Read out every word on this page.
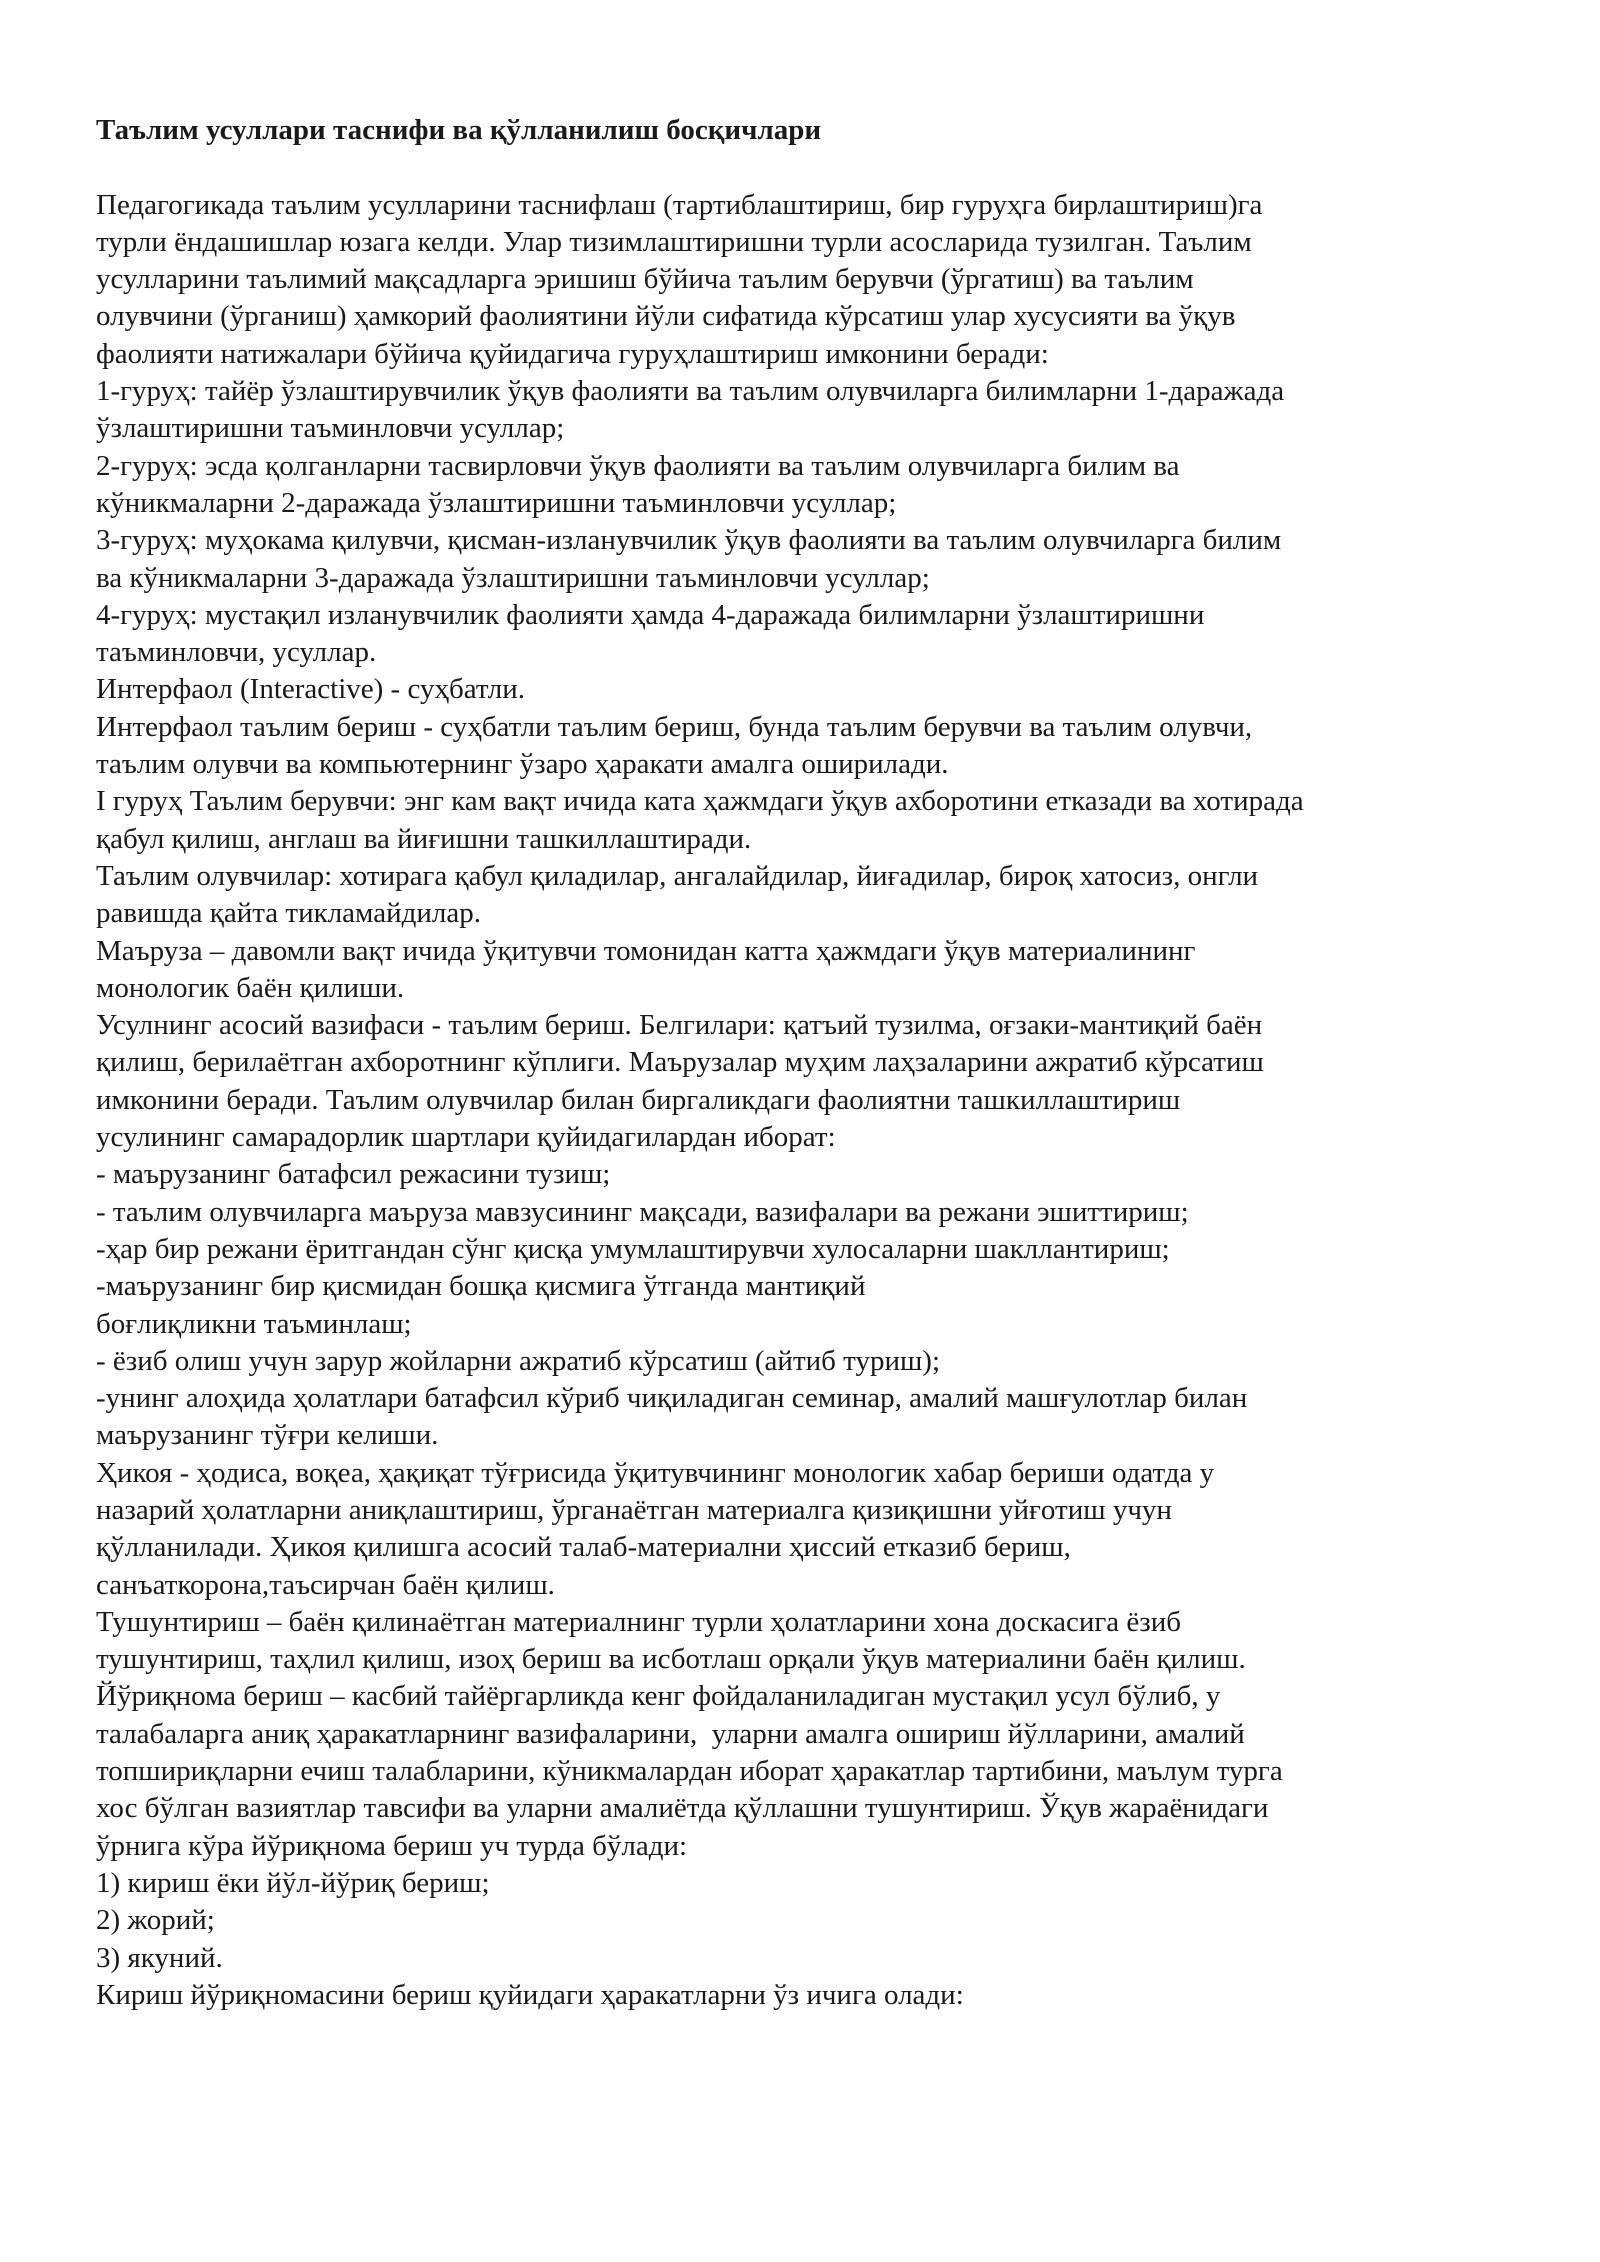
Таълим усуллари таснифи ва қўлланилиш босқичлари

Педагогикада таълим усулларини таснифлаш (тартиблаштириш, бир гуруҳга бирлаштириш)га

турли ёндашишлар юзага келди. Улар тизимлаштиришни турли асосларида тузилган. Таълим

усулларини таълимий мақсадларга эришиш бўйича таълим берувчи (ўргатиш) ва таълим

олувчини (ўрганиш) ҳамкорий фаолиятини йўли сифатида кўрсатиш улар хусусияти ва ўқув

фаолияти натижалари бўйича қуйидагича гуруҳлаштириш имконини беради:

1-гуруҳ: тайёр ўзлаштирувчилик ўқув фаолияти ва таълим олувчиларга билимларни 1-даражада

ўзлаштиришни таъминловчи усуллар;

2-гуруҳ: эсда қолганларни тасвирловчи ўқув фаолияти ва таълим олувчиларга билим ва

кўникмаларни 2-даражада ўзлаштиришни таъминловчи усуллар;

3-гуруҳ: муҳокама қилувчи, қисман-изланувчилик ўқув фаолияти ва таълим олувчиларга билим

ва кўникмаларни 3-даражада ўзлаштиришни таъминловчи усуллар;

4-гуруҳ: мустақил изланувчилик фаолияти ҳамда 4-даражада билимларни ўзлаштиришни

таъминловчи, усуллар.

Интерфаол (Interactive) - суҳбатли.

Интерфаол таълим бериш - суҳбатли таълим бериш, бунда таълим берувчи ва таълим олувчи,

таълим олувчи ва компьютернинг ўзаро ҳаракати амалга оширилади.

I гуруҳ Таълим берувчи: энг кам вақт ичида ката ҳажмдаги ўқув ахборотини етказади ва хотирада

қабул қилиш, англаш ва йиғишни ташкиллаштиради.

Таълим олувчилар: хотирага қабул қиладилар, ангалайдилар, йиғадилар, бироқ хатосиз, онгли

равишда қайта тикламайдилар.

Маъруза – давомли вақт ичида ўқитувчи томонидан катта ҳажмдаги ўқув материалининг

монологик баён қилиши.

Усулнинг асосий вазифаси - таълим бериш. Белгилари: қатъий тузилма, оғзаки-мантиқий баён

қилиш, берилаётган ахборотнинг кўплиги. Маърузалар муҳим лаҳзаларини ажратиб кўрсатиш

имконини беради. Таълим олувчилар билан биргаликдаги фаолиятни ташкиллаштириш

усулининг самарадорлик шартлари қуйидагилардан иборат:

- маърузанинг батафсил режасини тузиш;

- таълим олувчиларга маъруза мавзусининг мақсади, вазифалари ва режани эшиттириш;

-ҳар бир режани ёритгандан сўнг қисқа умумлаштирувчи хулосаларни шакллантириш;

-маърузанинг бир қисмидан бошқа қисмига ўтганда мантиқий

боғлиқликни таъминлаш;

- ёзиб олиш учун зарур жойларни ажратиб кўрсатиш (айтиб туриш);

-унинг алоҳида ҳолатлари батафсил кўриб чиқиладиган семинар, амалий машғулотлар билан

маърузанинг тўғри келиши.

Ҳикоя - ҳодиса, воқеа, ҳақиқат тўғрисида ўқитувчининг монологик хабар бериши одатда у

назарий ҳолатларни аниқлаштириш, ўрганаётган материалга қизиқишни уйғотиш учун

қўлланилади. Ҳикоя қилишга асосий талаб-материални ҳиссий етказиб бериш,

санъаткорона,таъсирчан баён қилиш.

Тушунтириш – баён қилинаётган материалнинг турли ҳолатларини хона доскасига ёзиб

тушунтириш, таҳлил қилиш, изоҳ бериш ва исботлаш орқали ўқув материалини баён қилиш.

Йўриқнома бериш – касбий тайёргарликда кенг фойдаланиладиган мустақил усул бўлиб, у

талабаларга аниқ ҳаракатларнинг вазифаларини,  уларни амалга ошириш йўлларини, амалий

топшириқларни ечиш талабларини, кўникмалардан иборат ҳаракатлар тартибини, маълум турга

хос бўлган вазиятлар тавсифи ва уларни амалиётда қўллашни тушунтириш. Ўқув жараёнидаги

ўрнига кўра йўриқнома бериш уч турда бўлади:

1) кириш ёки йўл-йўриқ бериш;

2) жорий;

3) якуний.

Кириш йўриқномасини бериш қуйидаги ҳаракатларни ўз ичига олади:
